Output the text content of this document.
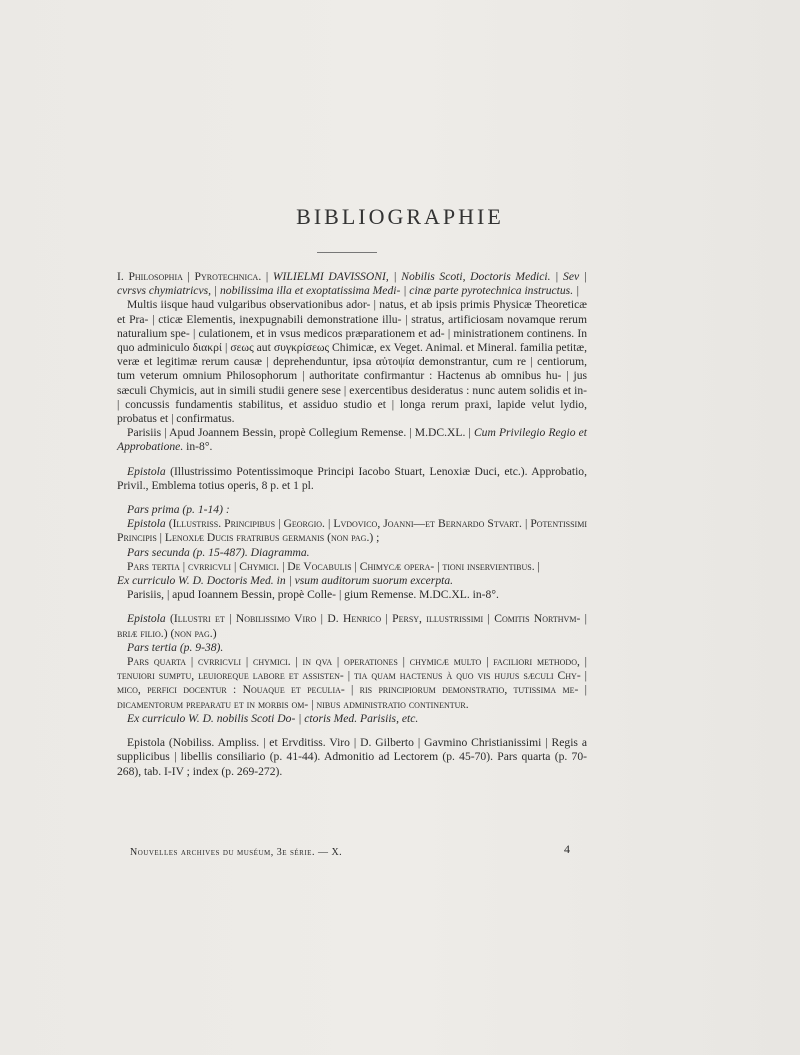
BIBLIOGRAPHIE

I. Philosophia | Pyrotechnica. | WILIELMI DAVISSONI, | Nobilis Scoti, Doctoris Medici. | Sev | cvrsvs chymiatricvs, | nobilissima illa et exoptatissima Medi- | cinæ parte pyrotechnica instructus. |

Multis iisque haud vulgaribus observationibus ador- | natus, et ab ipsis primis Physicæ Theoreticæ et Pra- | cticæ Elementis, inexpugnabili demonstratione illu- | stratus, artificiosam novamque rerum naturalium spe- | culationem, et in vsus medicos præparationem et ad- | ministrationem continens. In quo adminiculo διακρί | σεως aut συγκρίσεως Chimicæ, ex Veget. Animal. et Mineral. familia petitæ, veræ et legitimæ rerum causæ | deprehenduntur, ipsa αὐτοψία demonstrantur, cum re | centiorum, tum veterum omnium Philosophorum | authoritate confirmantur : Hactenus ab omnibus hu- | jus sæculi Chymicis, aut in simili studii genere sese | exercentibus desideratus : nunc autem solidis et in- | concussis fundamentis stabilitus, et assiduo studio et | longa rerum praxi, lapide velut lydio, probatus et | confirmatus.

Parisiis | Apud Joannem Bessin, propè Collegium Remense. | M.DC.XL. | Cum Privilegio Regio et Approbatione. in-8°.

Epistola (Illustrissimo Potentissimoque Principi Iacobo Stuart, Lenoxiæ Duci, etc.). Approbatio, Privil., Emblema totius operis, 8 p. et 1 pl.

Pars prima (p. 1-14) :

Epistola (Illustriss. Principibus | Georgio. | Lvdovico, Joanni—et Bernardo Stvart. | Potentissimi Principis | Lenoxiæ Ducis fratribus germanis (non pag.) ;

Pars secunda (p. 15-487). Diagramma.

Pars tertia | cvrricvli | Chymici. | De Vocabulis | Chimycæ opera- | tioni inservientibus. |

Ex curriculo W. D. Doctoris Med. in | vsum auditorum suorum excerpta.

Parisiis, | apud Ioannem Bessin, propè Colle- | gium Remense. M.DC.XL. in-8°.

Epistola (Illustri et | Nobilissimo Viro | D. Henrico | Persy, illustrissimi | Comitis Northvm- | briæ filio.) (non pag.)

Pars tertia (p. 9-38).

Pars quarta | cvrricvli | chymici. | in qva | operationes | chymicæ multo | faciliori methodo, | tenuiori sumptu, leuioreque labore et assisten- | tia quam hactenus à quo vis hujus sæculi Chy- | mico, perfici docentur : Nouaque et peculia- | ris principiorum demonstratio, tutissima me- | dicamentorum preparatu et in morbis om- | nibus administratio continentur.

Ex curriculo W. D. nobilis Scoti Do- | ctoris Med. Parisiis, etc.

Epistola (Nobiliss. Ampliss. | et Ervditiss. Viro | D. Gilberto | Gavmino Christianissimi | Regis a supplicibus | libellis consiliario (p. 41-44). Admonitio ad Lectorem (p. 45-70). Pars quarta (p. 70-268), tab. I-IV ; index (p. 269-272).

Nouvelles archives du muséum, 3e série. — X.	4
